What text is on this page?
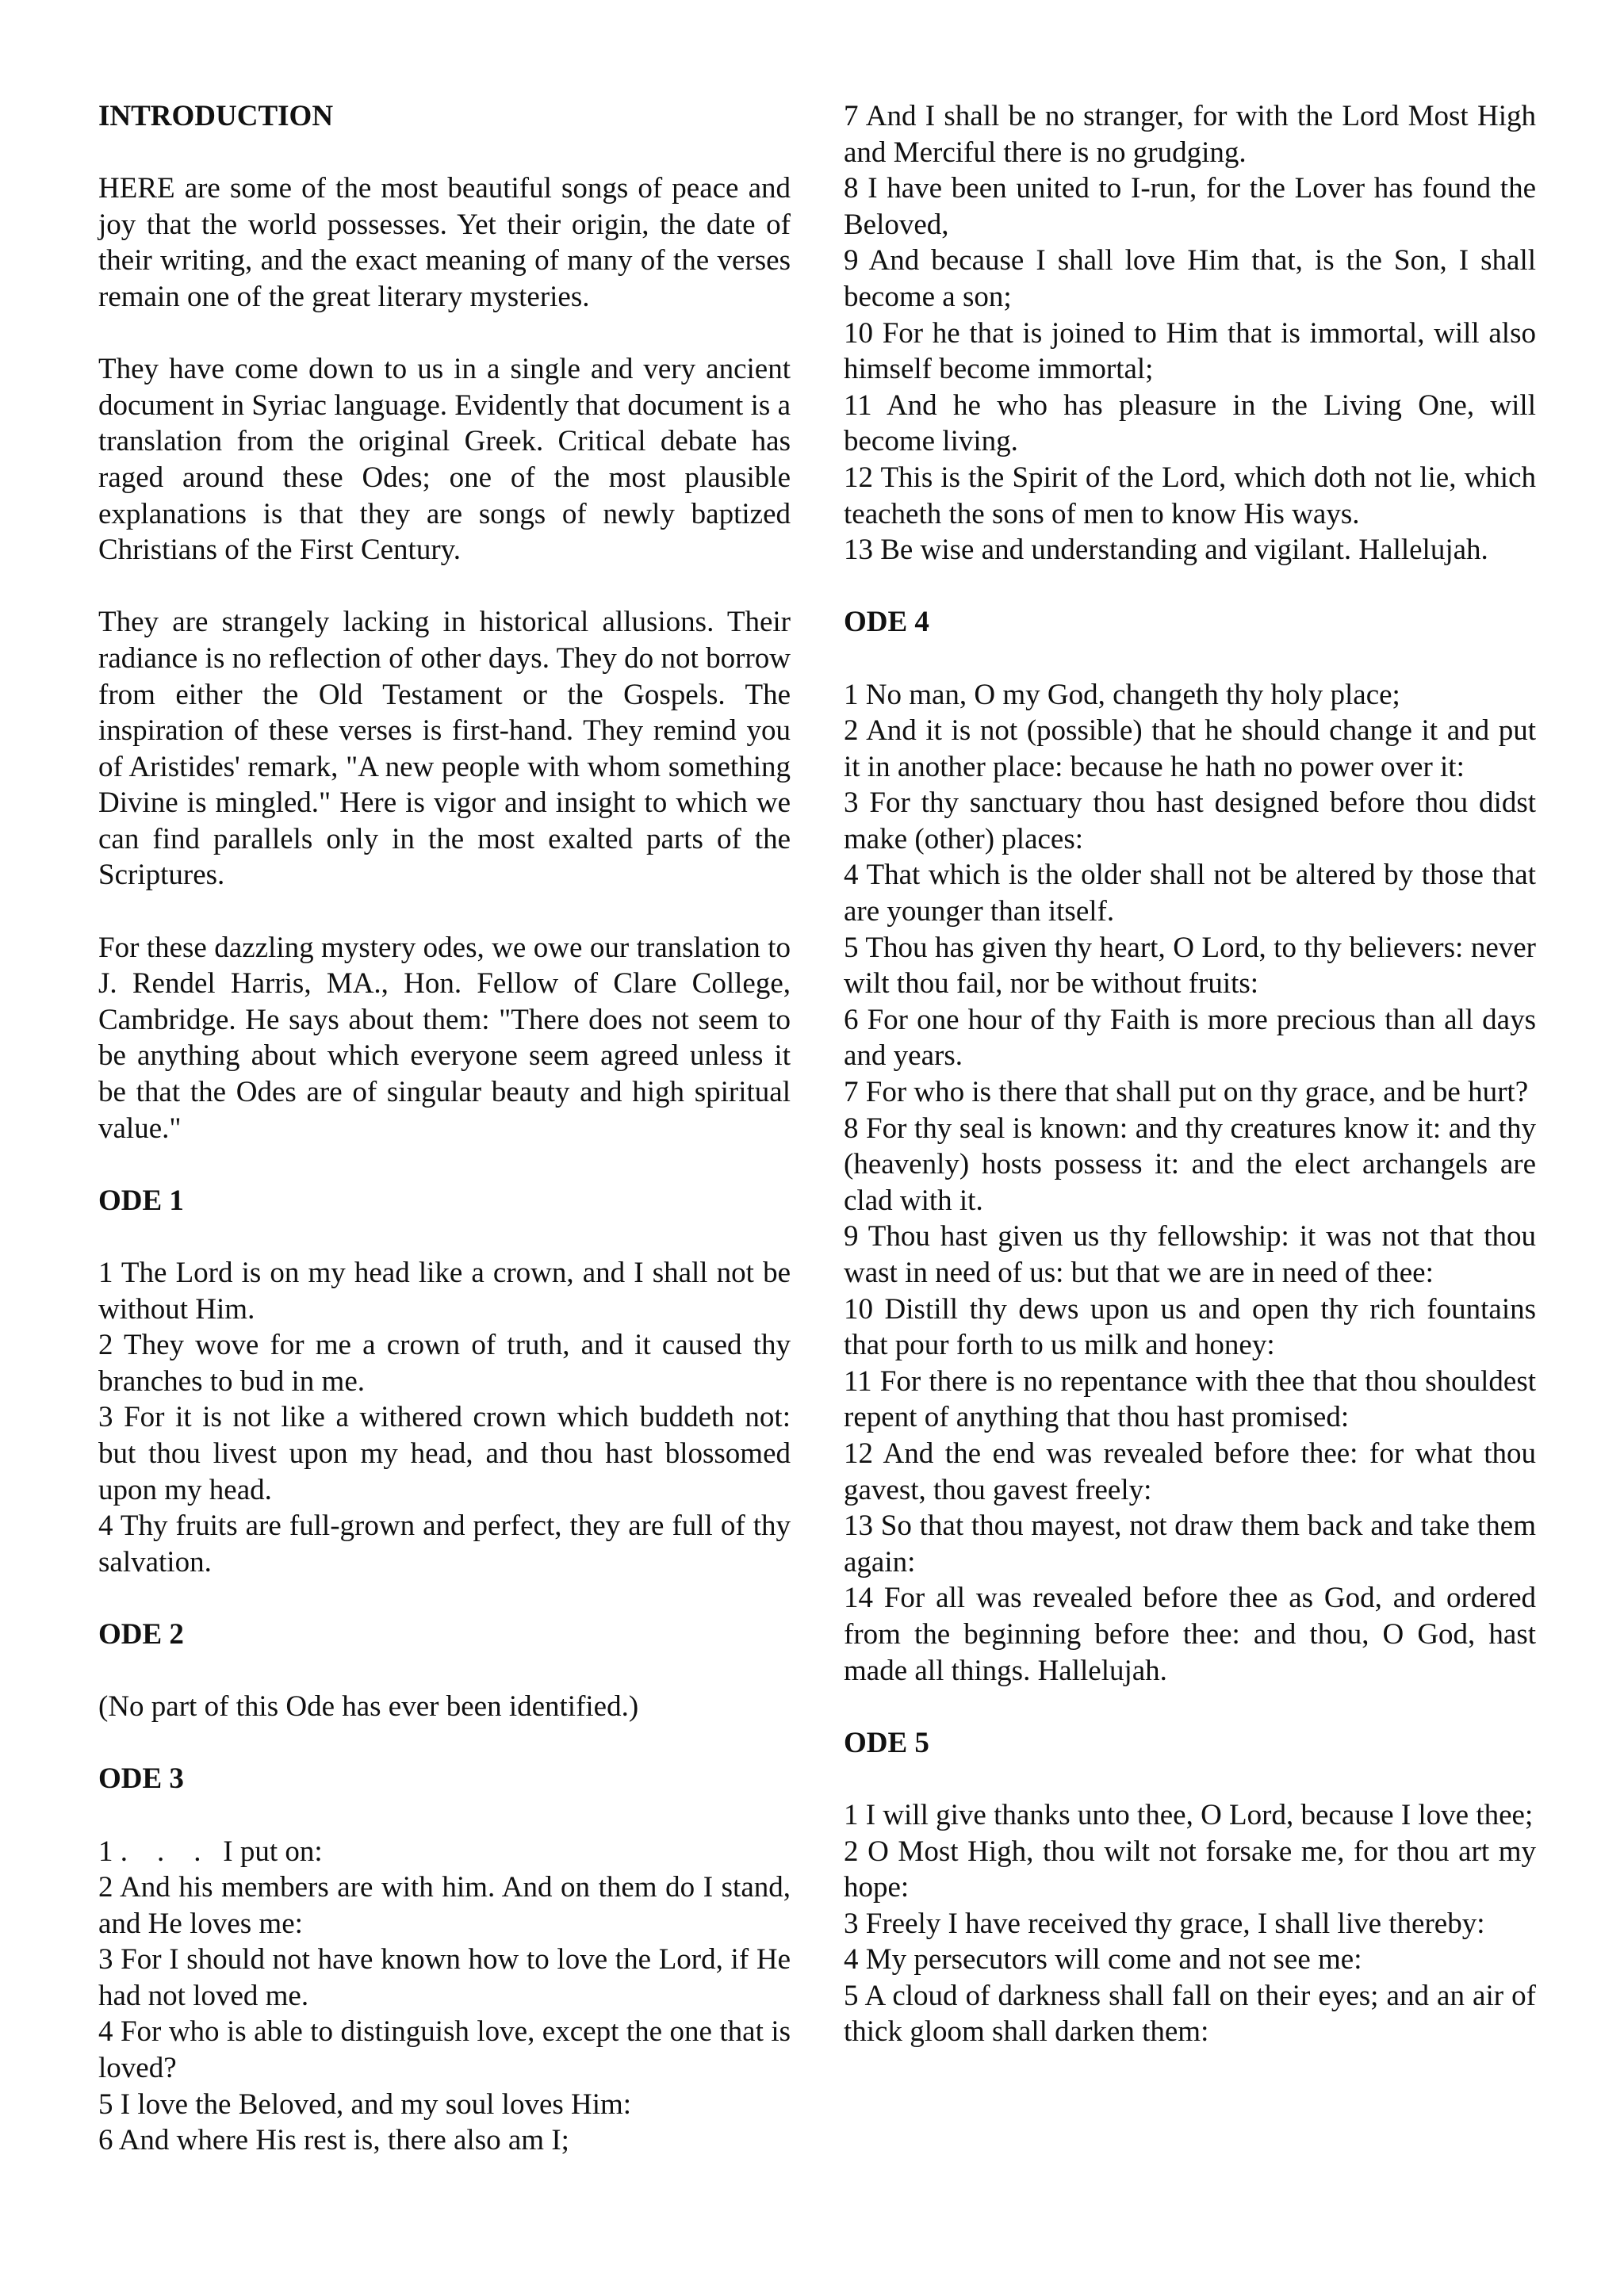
INTRODUCTION

HERE are some of the most beautiful songs of peace and joy that the world possesses. Yet their origin, the date of their writing, and the exact meaning of many of the verses remain one of the great literary mysteries.

They have come down to us in a single and very ancient document in Syriac language. Evidently that document is a translation from the original Greek. Critical debate has raged around these Odes; one of the most plausible explanations is that they are songs of newly baptized Christians of the First Century.

They are strangely lacking in historical allusions. Their radiance is no reflection of other days. They do not borrow from either the Old Testament or the Gospels. The inspiration of these verses is first-hand. They remind you of Aristides' remark, "A new people with whom something Divine is mingled." Here is vigor and insight to which we can find parallels only in the most exalted parts of the Scriptures.

For these dazzling mystery odes, we owe our translation to J. Rendel Harris, MA., Hon. Fellow of Clare College, Cambridge. He says about them: "There does not seem to be anything about which everyone seem agreed unless it be that the Odes are of singular beauty and high spiritual value."

ODE 1

1 The Lord is on my head like a crown, and I shall not be without Him.

2 They wove for me a crown of truth, and it caused thy branches to bud in me.

3 For it is not like a withered crown which buddeth not: but thou livest upon my head, and thou hast blossomed upon my head.

4 Thy fruits are full-grown and perfect, they are full of thy salvation.

ODE 2

(No part of this Ode has ever been identified.)

ODE 3

1 .    .    .   I put on:

2 And his members are with him. And on them do I stand, and He loves me:

3 For I should not have known how to love the Lord, if He had not loved me.

4 For who is able to distinguish love, except the one that is loved?

5 I love the Beloved, and my soul loves Him:

6 And where His rest is, there also am I;

7 And I shall be no stranger, for with the Lord Most High and Merciful there is no grudging.

8 I have been united to I-run, for the Lover has found the Beloved,

9 And because I shall love Him that, is the Son, I shall become a son;

10 For he that is joined to Him that is immortal, will also himself become immortal;

11 And he who has pleasure in the Living One, will become living.

12 This is the Spirit of the Lord, which doth not lie, which teacheth the sons of men to know His ways.

13 Be wise and understanding and vigilant. Hallelujah.

ODE 4

1 No man, O my God, changeth thy holy place;

2 And it is not (possible) that he should change it and put it in another place: because he hath no power over it:

3 For thy sanctuary thou hast designed before thou didst make (other) places:

4 That which is the older shall not be altered by those that are younger than itself.

5 Thou has given thy heart, O Lord, to thy believers: never wilt thou fail, nor be without fruits:

6 For one hour of thy Faith is more precious than all days and years.

7 For who is there that shall put on thy grace, and be hurt?

8 For thy seal is known: and thy creatures know it: and thy (heavenly) hosts possess it: and the elect archangels are clad with it.

9 Thou hast given us thy fellowship: it was not that thou wast in need of us: but that we are in need of thee:

10 Distill thy dews upon us and open thy rich fountains that pour forth to us milk and honey:

11 For there is no repentance with thee that thou shouldest repent of anything that thou hast promised:

12 And the end was revealed before thee: for what thou gavest, thou gavest freely:

13 So that thou mayest, not draw them back and take them again:

14 For all was revealed before thee as God, and ordered from the beginning before thee: and thou, O God, hast made all things. Hallelujah.

ODE 5

1 I will give thanks unto thee, O Lord, because I love thee;

2 O Most High, thou wilt not forsake me, for thou art my hope:

3 Freely I have received thy grace, I shall live thereby:

4 My persecutors will come and not see me:

5 A cloud of darkness shall fall on their eyes; and an air of thick gloom shall darken them:
